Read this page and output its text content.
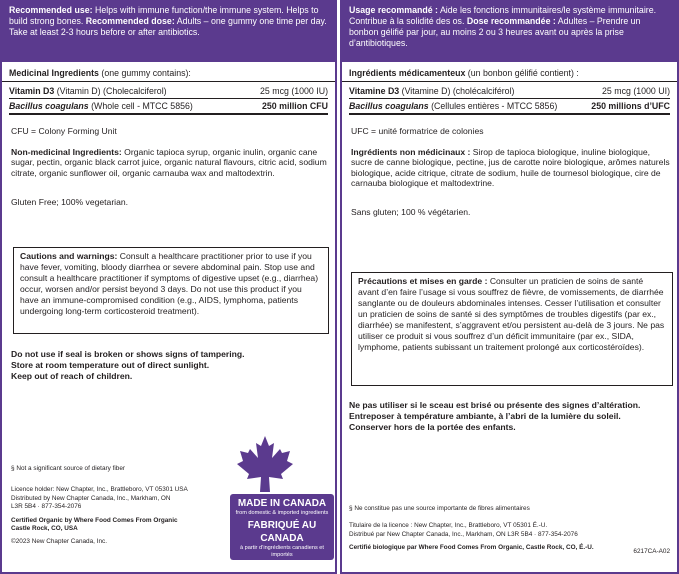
Recommended use: Helps with immune function/the immune system. Helps to build strong bones. Recommended dose: Adults – one gummy one time per day. Take at least 2-3 hours before or after antibiotics.
Medicinal Ingredients (one gummy contains):
Vitamin D3 (Vitamin D) (Cholecalciferol)	25 mcg (1000 IU)
Bacillus coagulans (Whole cell - MTCC 5856)	250 million CFU
CFU = Colony Forming Unit
Non-medicinal Ingredients: Organic tapioca syrup, organic inulin, organic cane sugar, pectin, organic black carrot juice, organic natural flavours, citric acid, sodium citrate, organic sunflower oil, organic carnauba wax and maltodextrin.
Gluten Free; 100% vegetarian.
Cautions and warnings: Consult a healthcare practitioner prior to use if you have fever, vomiting, bloody diarrhea or severe abdominal pain. Stop use and consult a healthcare practitioner if symptoms of digestive upset (e.g., diarrhea) occur, worsen and/or persist beyond 3 days. Do not use this product if you have an immune-compromised condition (e.g., AIDS, lymphoma, patients undergoing long-term corticosteroid treatment).
Do not use if seal is broken or shows signs of tampering.
Store at room temperature out of direct sunlight.
Keep out of reach of children.
§ Not a significant source of dietary fiber
Licence holder: New Chapter, Inc., Brattleboro, VT 05301 USA
Distributed by New Chapter Canada, Inc., Markham, ON
L3R 5B4 · 877-354-2076
Certified Organic by Where Food Comes From Organic
Castle Rock, CO, USA
©2023 New Chapter Canada, Inc.
MADE IN CANADA
from domestic & imported ingredients
FABRIQUÉ AU CANADA
à partir d’ingrédients canadiens et importés
Usage recommandé : Aide les fonctions immunitaires/le système immunitaire. Contribue à la solidité des os. Dose recommandée : Adultes – Prendre un bonbon gélifié par jour, au moins 2 ou 3 heures avant ou après la prise d’antibiotiques.
Ingrédients médicamenteux (un bonbon gélifié contient) :
Vitamine D3 (Vitamine D) (cholécalciférol)	25 mcg (1000 UI)
Bacillus coagulans (Cellules entières - MTCC 5856)	250 millions d’UFC
UFC = unité formatrice de colonies
Ingrédients non médicinaux : Sirop de tapioca biologique, inuline biologique, sucre de canne biologique, pectine, jus de carotte noire biologique, arômes naturels biologique, acide citrique, citrate de sodium, huile de tournesol biologique, cire de carnauba biologique et maltodextrine.
Sans gluten; 100 % végétarien.
Précautions et mises en garde : Consulter un praticien de soins de santé avant d’en faire l’usage si vous souffrez de fièvre, de vomissements, de diarrhée sanglante ou de douleurs abdominales intenses. Cesser l’utilisation et consulter un praticien de soins de santé si des symptômes de troubles digestifs (par ex., diarrhée) se manifestent, s’aggravent et/ou persistent au-delà de 3 jours. Ne pas utiliser ce produit si vous souffrez d’un déficit immunitaire (par ex., SIDA, lymphome, patients subissant un traitement prolongé aux corticostéroïdes).
Ne pas utiliser si le sceau est brisé ou présente des signes d’altération.
Entreposer à température ambiante, à l’abri de la lumière du soleil.
Conserver hors de la portée des enfants.
§ Ne constitue pas une source importante de fibres alimentaires
Titulaire de la licence : New Chapter, Inc., Brattleboro, VT 05301 É.-U.
Distribué par New Chapter Canada, Inc., Markham, ON L3R 5B4 · 877-354-2076
Certifié biologique par Where Food Comes From Organic, Castle Rock, CO, É.-U.
6217CA-A02
